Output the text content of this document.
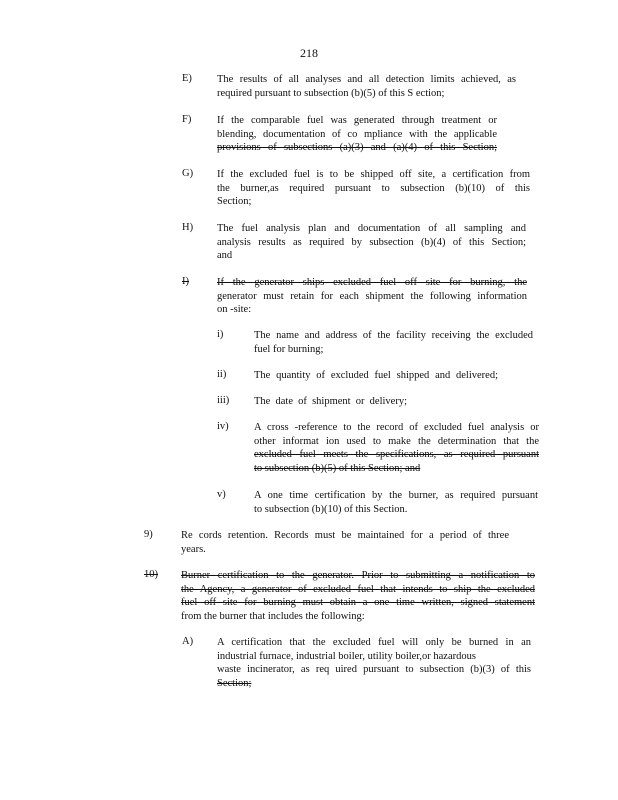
218
E) The results of all analyses and all detection limits achieved, as
required pursuant to subsection (b)(5) of this S ection;
F) If the comparable fuel was generated through treatment or
blending, documentation of co mpliance with the applicable
provisions of subsections (a)(3) and (a)(4) of this Section;
G) If the excluded fuel is to be shipped off site, a certification from
the burner,as required pursuant to subsection (b)(10) of this
Section;
H) The fuel analysis plan and documentation of all sampling and
analysis results as required by subsection (b)(4) of this Section;
and
I)	If the generator ships excluded fuel off site for burning, the
generator must retain for each shipment the following information
on -site:
i)	The name and address of the facility receiving the excluded
fuel for burning;
ii)	The quantity of excluded fuel shipped and delivered;
iii) The date of shipment or delivery;
iv) A cross -reference to the record of excluded fuel analysis or
other informat ion used to make the determination that the
excluded fuel meets the specifications, as required pursuant
to subsection (b)(5) of this Section; and
v)	A one time certification by the burner, as required pursuant
to subsection (b)(10) of this Section.
9)	Re cords retention. Records must be maintained for a period of three
years.
10) Burner certification to the generator. Prior to submitting a notification to
the Agency, a generator of excluded fuel that intends to ship the excluded
fuel off site for burning must obtain a one time written, signed statement
from the burner that includes the following:
A) A certification that the excluded fuel will only be burned in an
industrial furnace, industrial boiler, utility boiler,or hazardous
waste incinerator, as req uired pursuant to subsection (b)(3) of this
Section;
